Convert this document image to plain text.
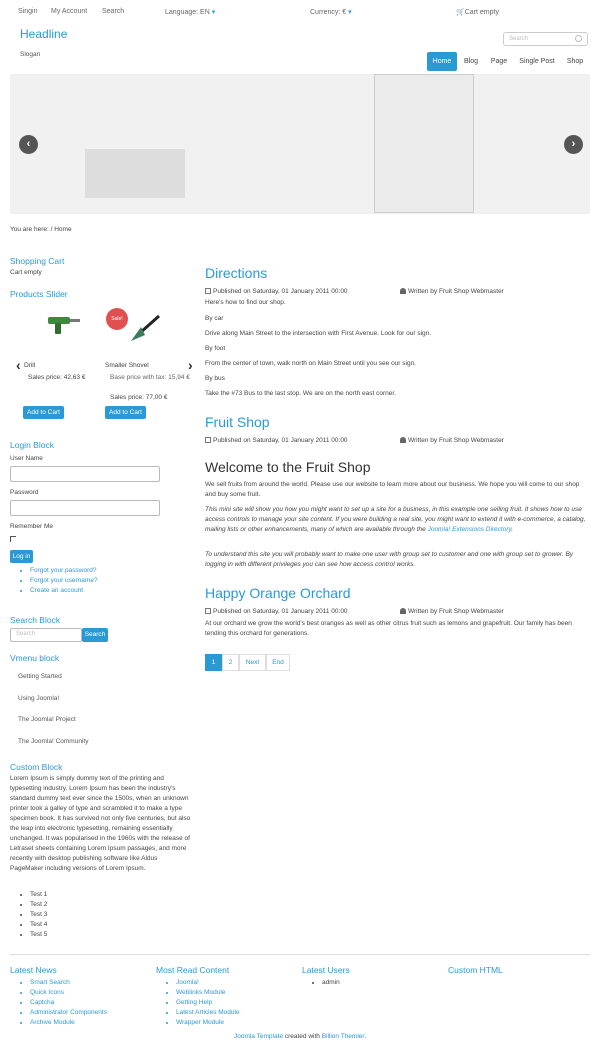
Singin My Account Search	Language: EN ▾	Currency: € ▾	🛒Cart empty
Headline
Slogan
Search
Home	Blog	Page	Single Post	Shop
‹	›
You are here: / Home
Shopping Cart
Cart empty
Products Slider
Sale!
‹	›
Drill
Sales price: 42,63 €
Add to Cart
Smaller Shovel
Base price with tax: 15,94 €
Sales price: 77,00 €
Add to Cart
Login Block
User Name
Password
Remember Me
Log in
• Forgot your password?
• Forgot your username?
• Create an account
Search Block
Search	Search
Vmenu block
Getting Started
Using Joomla!
The Joomla! Project
The Joomla! Community
Custom Block
Lorem Ipsum is simply dummy text of the printing and typesetting industry. Lorem Ipsum has been the industry's standard dummy text ever since the 1500s, when an unknown printer took a galley of type and scrambled it to make a type specimen book. It has survived not only five centuries, but also the leap into electronic typesetting, remaining essentially unchanged. It was popularised in the 1960s with the release of Letraset sheets containing Lorem Ipsum passages, and more recently with desktop publishing software like Aldus PageMaker including versions of Lorem Ipsum.
• Test 1
• Test 2
• Test 3
• Test 4
• Test 5
Directions
Published on Saturday, 01 January 2011 00:00	Written by Fruit Shop Webmaster
Here's how to find our shop.
By car
Drive along Main Street to the intersection with First Avenue. Look for our sign.
By foot
From the center of town, walk north on Main Street until you see our sign.
By bus
Take the #73 Bus to the last stop. We are on the north east corner.
Fruit Shop
Published on Saturday, 01 January 2011 00:00	Written by Fruit Shop Webmaster
Welcome to the Fruit Shop
We sell fruits from around the world. Please use our website to learn more about our business. We hope you will come to our shop and buy some fruit.
This mini site will show you how you might want to set up a site for a business, in this example one selling fruit. It shows how to use access controls to manage your site content. If you were building a real site, you might want to extend it with e-commerce, a catalog, mailing lists or other enhancements, many of which are available through the Joomla! Extensions Directory.
To understand this site you will probably want to make one user with group set to customer and one with group set to grower. By logging in with different privileges you can see how access control works.
Happy Orange Orchard
Published on Saturday, 01 January 2011 00:00	Written by Fruit Shop Webmaster
At our orchard we grow the world's best oranges as well as other citrus fruit such as lemons and grapefruit. Our family has been tending this orchard for generations.
1	2	Next	End
Latest News
• Smart Search
• Quick Icons
• Captcha
• Administrator Components
• Archive Module
Most Read Content
• Joomla!
• Weblinks Module
• Getting Help
• Latest Articles Module
• Wrapper Module
Latest Users
• admin
Custom HTML
Joomla Template created with Billion Themler.
